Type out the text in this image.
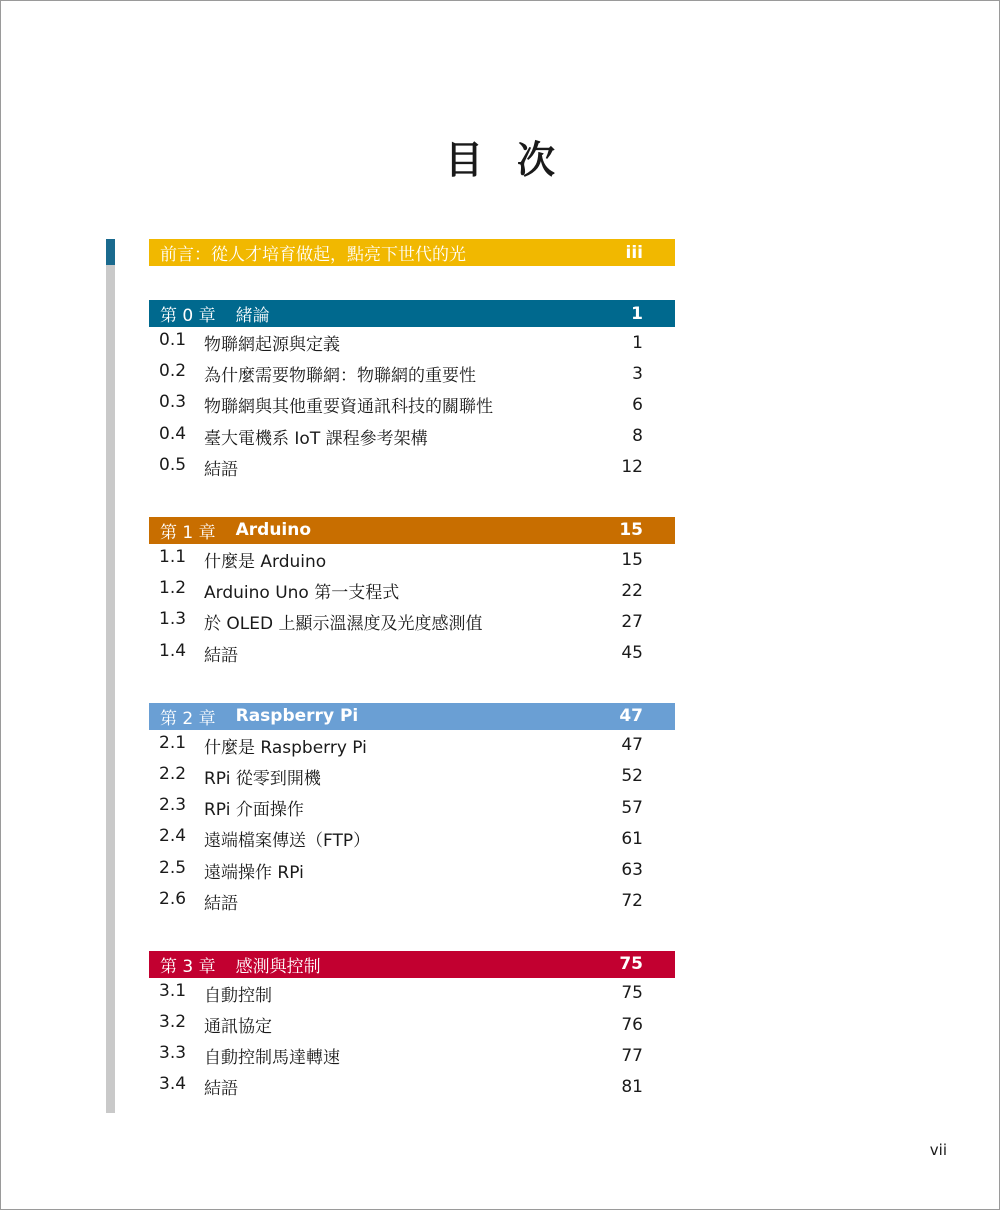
目次
前言：從人才培育做起，點亮下世代的光	iii
第 0 章 緒論	1
0.1	物聯網起源與定義	1
0.2	為什麼需要物聯網：物聯網的重要性	3
0.3	物聯網與其他重要資通訊科技的關聯性	6
0.4	臺大電機系 IoT 課程參考架構	8
0.5	結語	12
第 1 章 Arduino	15
1.1	什麼是 Arduino	15
1.2	Arduino Uno 第一支程式	22
1.3	於 OLED 上顯示溫濕度及光度感測值	27
1.4	結語	45
第 2 章 Raspberry Pi	47
2.1	什麼是 Raspberry Pi	47
2.2	RPi 從零到開機	52
2.3	RPi 介面操作	57
2.4	遠端檔案傳送（FTP）	61
2.5	遠端操作 RPi	63
2.6	結語	72
第 3 章 感測與控制	75
3.1	自動控制	75
3.2	通訊協定	76
3.3	自動控制馬達轉速	77
3.4	結語	81
vii
